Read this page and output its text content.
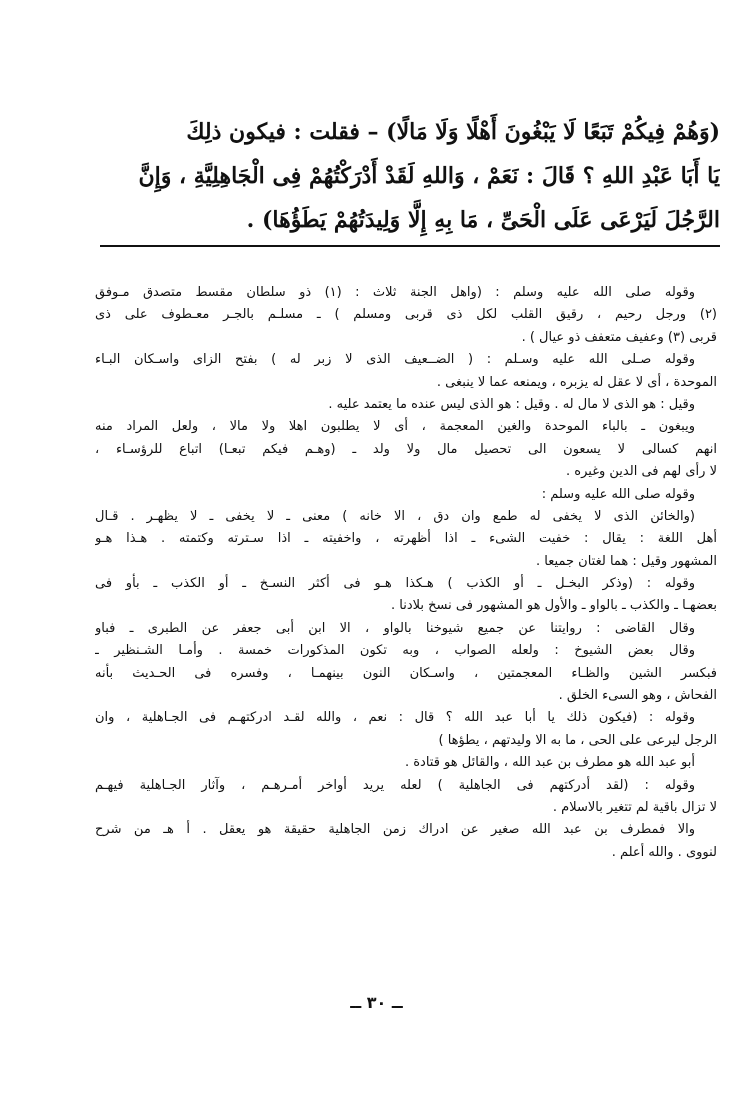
(وَهُمْ فِيكُمْ تَبَعًا لَا يَبْغُونَ أَهْلًا وَلَا مَالًا) – فقلت : فيكون ذلِكَ
يَا أَبَا عَبْدِ اللهِ ؟ قَالَ : نَعَمْ ، وَاللهِ لَقَدْ أَدْرَكْتُهُمْ فِى الْجَاهِلِيَّةِ ، وَإِنَّ
الرَّجُلَ لَيَرْعَى عَلَى الْحَىِّ ، مَا بِهِ إِلَّا وَلِيدَتُهُمْ يَطَؤُهَا) .
وقوله صلى الله عليه وسلم : (واهل الجنة ثلاث : (١) ذو سلطان مقسط متصدق مـوفق
(٢) ورجل رحيم ، رقيق القلب لكل ذى قربى ومسلم ) ـ مسلـم بالجـر معـطوف على ذى
قربى (٣) وعفيف متعفف ذو عيال ) .
وقوله صـلى الله عليه وسـلم : ( الضــعيف الذى لا زبر له ) بفتح الزاى واسـكان البـاء
الموحدة ، أى لا عقل له يزبره ، ويمنعه عما لا ينبغى .
وقيل : هو الذى لا مال له . وقيل : هو الذى ليس عنده ما يعتمد عليه .
ويبغون ـ بالباء الموحدة والغين المعجمة ، أى لا يطلبون اهلا ولا مالا ، ولعل المراد منه
انهم كسالى لا يسعون الى تحصيل مال ولا ولد ـ (وهـم فيكم تبعـا) اتباع للرؤسـاء ،
لا رأى لهم فى الدين وغيره .
وقوله صلى الله عليه وسلم :
(والخائن الذى لا يخفى له طمع وان دق ، الا خانه ) معنى ـ لا يخفى ـ لا يظهـر . قـال
أهل اللغة : يقال : خفيت الشىء ـ اذا أظهرته ، واخفيته ـ اذا سـترته وكتمته . هـذا هـو
المشهور وقيل : هما لغتان جميعا .
وقوله : (وذكر البخـل ـ أو الكذب ) هـكذا هـو فى أكثر النسـخ ـ أو الكذب ـ بأو فى
بعضهـا ـ والكذب ـ بالواو ـ والأول هو المشهور فى نسخ بلادنا .
وقال القاضى : روايتنا عن جميع شيوخنا بالواو ، الا ابن أبى جعفر عن الطبرى ـ فباو
وقال بعض الشيوخ : ولعله الصواب ، وبه تكون المذكورات خمسة . وأمـا الشـنظير ـ
فبكسر الشين والظـاء المعجمتين ، واسـكان النون بينهمـا ، وفسره فى الحـديث بأنه
الفحاش ، وهو السىء الخلق .
وقوله : (فيكون ذلك يا أبا عبد الله ؟ قال : نعم ، والله لقـد ادركتهـم فى الجـاهلية ، وان
الرجل ليرعى على الحى ، ما به الا وليدتهم ، يطؤها )
أبو عبد الله هو مطرف بن عبد الله ، والقائل هو قتادة .
وقوله : (لقد أدركتهم فى الجاهلية ) لعله يريد أواخر أمـرهـم ، وآثار الجـاهلية فيهـم
لا تزال باقية لم تتغير بالاسلام .
والا فمطرف بن عبد الله صغير عن ادراك زمن الجاهلية حقيقة هو يعقل . أ هـ من شرح
لنووى . والله أعلم .
ــ ٣٠ ــ
